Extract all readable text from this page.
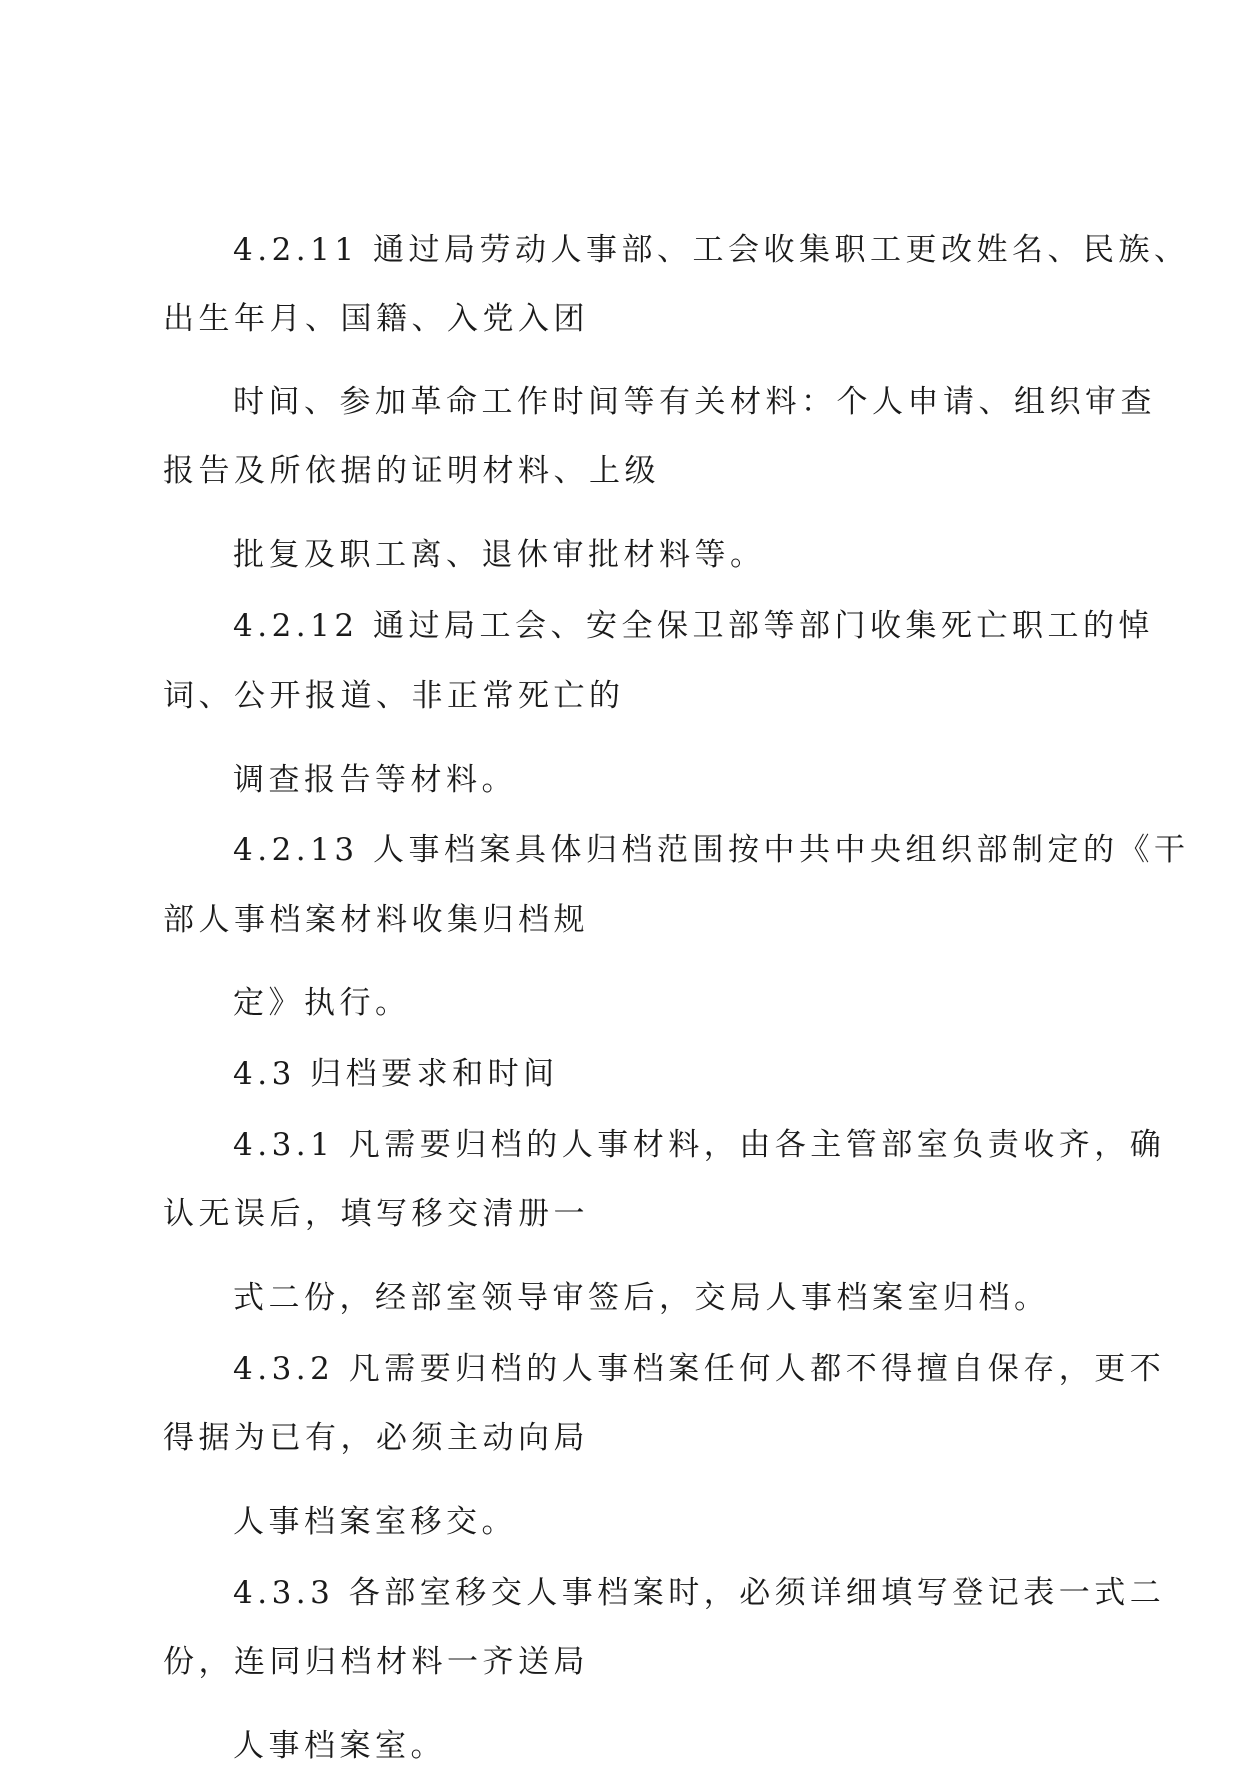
4.2.11 通过局劳动人事部、工会收集职工更改姓名、民族、
出生年月、国籍、入党入团
时间、参加革命工作时间等有关材料：个人申请、组织审查
报告及所依据的证明材料、上级
批复及职工离、退休审批材料等。
4.2.12 通过局工会、安全保卫部等部门收集死亡职工的悼
词、公开报道、非正常死亡的
调查报告等材料。
4.2.13 人事档案具体归档范围按中共中央组织部制定的《干
部人事档案材料收集归档规
定》执行。
4.3 归档要求和时间
4.3.1 凡需要归档的人事材料，由各主管部室负责收齐，确
认无误后，填写移交清册一
式二份，经部室领导审签后，交局人事档案室归档。
4.3.2 凡需要归档的人事档案任何人都不得擅自保存，更不
得据为已有，必须主动向局
人事档案室移交。
4.3.3 各部室移交人事档案时，必须详细填写登记表一式二
份，连同归档材料一齐送局
人事档案室。
